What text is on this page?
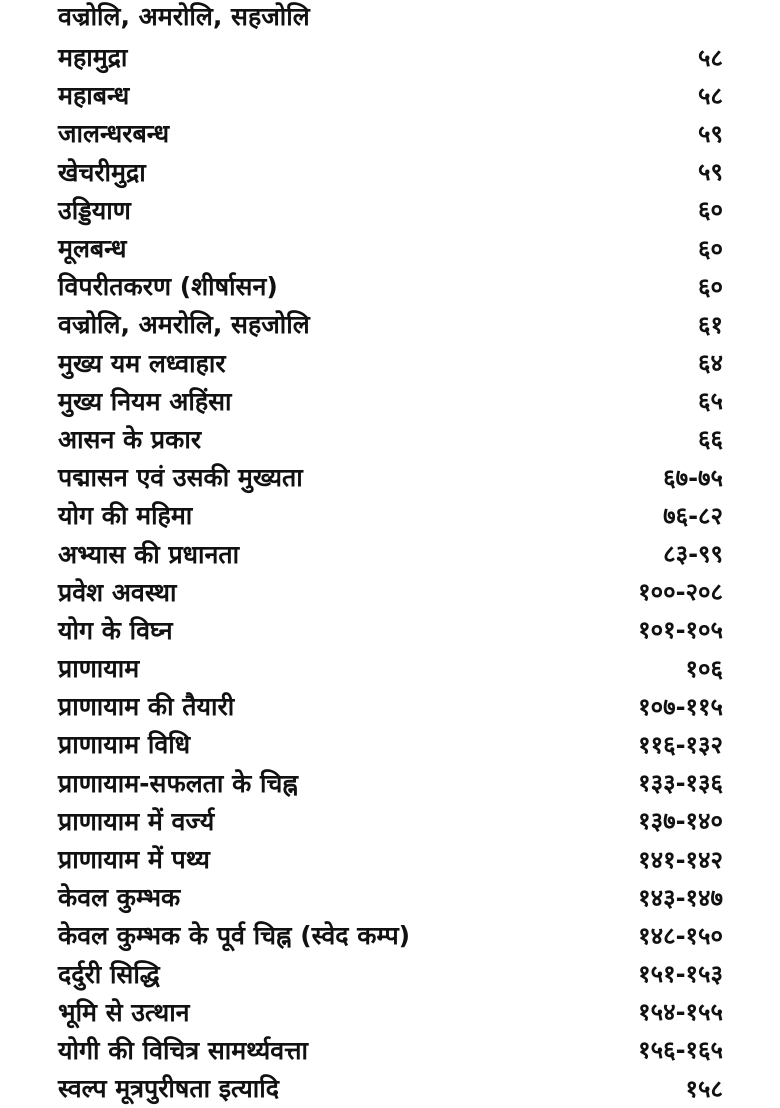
वज्रोलि, अमरोलि, सहजोलि
महामुद्रा	५८
महाबन्ध	५८
जालन्धरबन्ध	५९
खेचरीमुद्रा	५९
उड्डियाण	६०
मूलबन्ध	६०
विपरीतकरण (शीर्षासन)	६०
वज्रोलि, अमरोलि, सहजोलि	६१
मुख्य यम लध्वाहार	६४
मुख्य नियम अहिंसा	६५
आसन के प्रकार	६६
पद्मासन एवं उसकी मुख्यता	६७-७५
योग की महिमा	७६-८२
अभ्यास की प्रधानता	८३-९९
प्रवेश अवस्था	१००-२०८
योग के विघ्न	१०१-१०५
प्राणायाम	१०६
प्राणायाम की तैयारी	१०७-११५
प्राणायाम विधि	११६-१३२
प्राणायाम-सफलता के चिह्न	१३३-१३६
प्राणायाम में वर्ज्य	१३७-१४०
प्राणायाम में पथ्य	१४१-१४२
केवल कुम्भक	१४३-१४७
केवल कुम्भक के पूर्व चिह्न (स्वेद कम्प)	१४८-१५०
दर्दुरी सिद्धि	१५१-१५३
भूमि से उत्थान	१५४-१५५
योगी की विचित्र सामर्थ्यवत्ता	१५६-१६५
स्वल्प मूत्रपुरीषता इत्यादि	१५८
